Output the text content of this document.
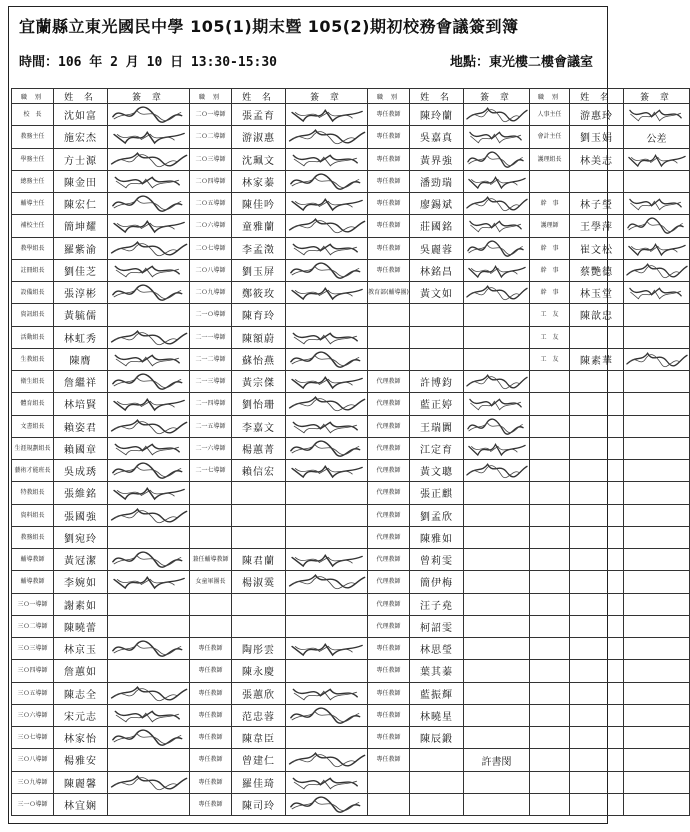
宜蘭縣立東光國民中學 105(1)期末暨 105(2)期初校務會議簽到簿
時間：106 年 2 月 10 日 13:30-15:30	地點：東光樓二樓會議室
職 別	姓 名	簽 章	職 別	姓 名	簽 章	職 別	姓 名	簽 章	職 別	姓 名	簽 章
校　長	沈如富		二Ｏ一導師	張孟育		專任教師	陳玲蘭		人事主任	游惠玲	

教務主任	施宏杰		二Ｏ二導師	游淑惠		專任教師	吳嘉真		會計主任	劉玉娟	公差
學務主任	方士源		二Ｏ三導師	沈珮文		專任教師	黃界強		護理組長	林美志	

總務主任	陳金田		二Ｏ四導師	林家蓁		專任教師	潘勁瑞	

輔導主任	陳宏仁		二Ｏ五導師	陳佳吟		專任教師	廖錫斌		幹　事	林子瑩	

補校主任	簡坤耀		二Ｏ六導師	童雅蘭		專任教師	莊國銘		護理師	王學萍	

教學組長	羅紫渝		二Ｏ七導師	李孟澂		專任教師	吳麗蓉		幹　事	崔文松	

註冊組長	劉佳芝		二Ｏ八導師	劉玉屏		專任教師	林銘昌		幹　事	蔡艷德	

設備組長	張淳彬		二Ｏ九導師	鄭筱玫		教育部(輔導團)	黃文如		幹　事	林玉堂	

資訊組長	黃毓儒		二一Ｏ導師	陳育玲					工　友	陳歆忠	
活動組長	林虹秀		二一一導師	陳額蔚					工　友		
生教組長	陳膺		二一二導師	蘇怡燕					工　友	陳素華	

衛生組長	詹繼祥		二一三導師	黃宗傑		代理教師	許博鈞	

體育組長	林培賢		二一四導師	劉怡珊		代理教師	藍正婷	

文書組長	賴姿君		二一五導師	李嘉文		代理教師	王瑞闐	

生涯規劃組長	賴國章		二一六導師	楊蕙菁		代理教師	江定育	

藝術才能班長	吳成琇		二一七導師	賴信宏		代理教師	黃文聰	

特教組長	張維銘					代理教師	張正麒				
資料組長	張國強					代理教師	劉孟欣				
教務組長	劉宛玲					代理教師	陳雅如				
輔導教師	黃冠潔		兼任輔導教師	陳君蘭		代理教師	曾莉雯				
輔導教師	李婉如		女童軍團長	楊淑霙		代理教師	簡伊梅				
三Ｏ一導師	謝素如					代理教師	汪子堯				
三Ｏ二導師	陳曉蕾					代理教師	柯詔雯				
三Ｏ三導師	林京玉		專任教師	陶彤雲		專任教師	林思瑩				
三Ｏ四導師	詹蕙如		專任教師	陳永慶		專任教師	葉其蓁				
三Ｏ五導師	陳志全		專任教師	張蕙欣		專任教師	藍振輝				
三Ｏ六導師	宋元志		專任教師	范忠蓉		專任教師	林曉星				
三Ｏ七導師	林家怡		專任教師	陳韋臣		專任教師	陳辰鍛				
三Ｏ八導師	楊雅安		專任教師	曾建仁		專任教師		許書閔			
三Ｏ九導師	陳麗馨		專任教師	羅佳琦	

三一Ｏ導師	林宜娴		專任教師	陳司玲	
